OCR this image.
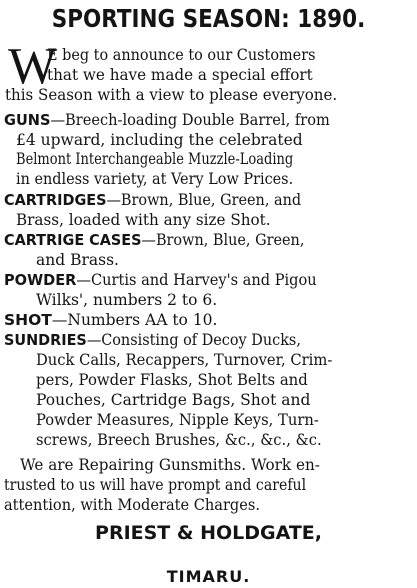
SPORTING SEASON: 1890.
W
E beg to announce to our Customers
that we have made a special effort
this Season with a view to please everyone.
GUNS—Breech-loading Double Barrel, from
£4 upward, including the celebrated
Belmont Interchangeable Muzzle-Loading
in endless variety, at Very Low Prices.
CARTRIDGES—Brown, Blue, Green, and
Brass, loaded with any size Shot.
CARTRIGE CASES—Brown, Blue, Green,
and Brass.
POWDER—Curtis and Harvey's and Pigou
Wilks', numbers 2 to 6.
SHOT—Numbers AA to 10.
SUNDRIES—Consisting of Decoy Ducks,
Duck Calls, Recappers, Turnover, Crim-
pers, Powder Flasks, Shot Belts and
Pouches, Cartridge Bags, Shot and
Powder Measures, Nipple Keys, Turn-
screws, Breech Brushes, &c., &c., &c.
We are Repairing Gunsmiths. Work en-
trusted to us will have prompt and careful
attention, with Moderate Charges.
PRIEST & HOLDGATE,
TIMARU.
